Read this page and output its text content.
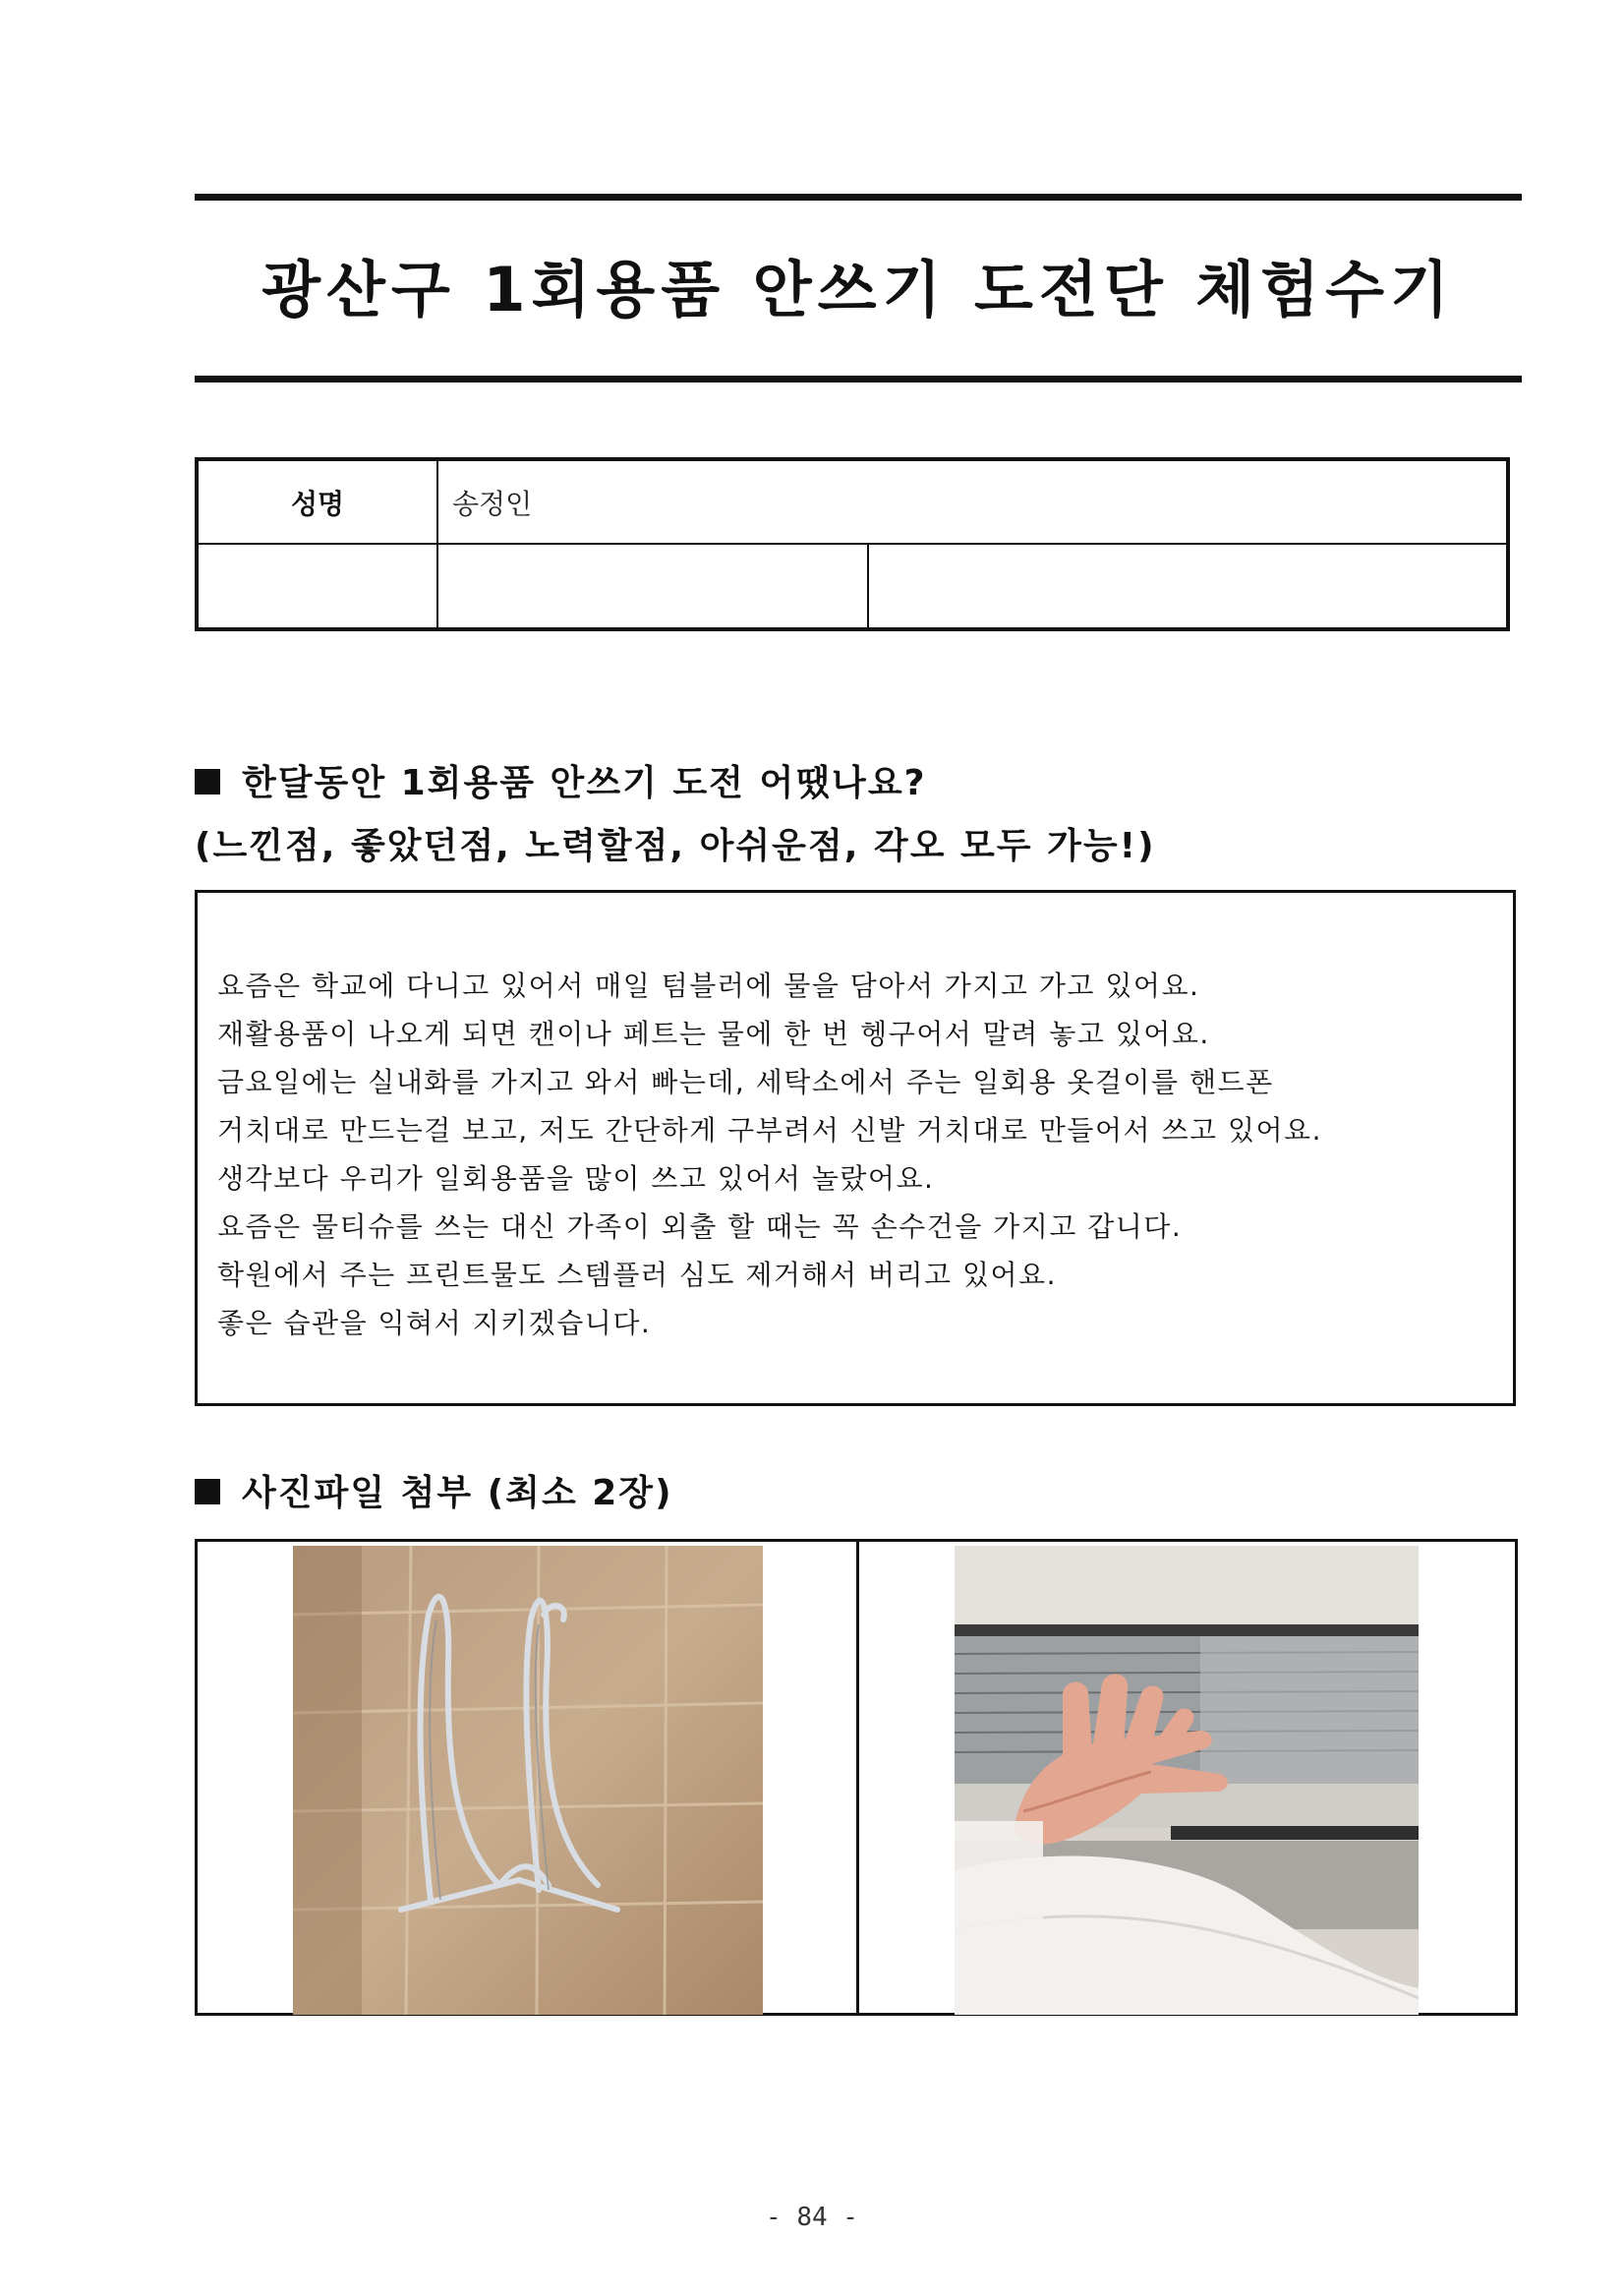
광산구 1회용품 안쓰기 도전단 체험수기
성명	송정인	

한달동안 1회용품 안쓰기 도전 어땠나요?
(느낀점, 좋았던점, 노력할점, 아쉬운점, 각오 모두 가능!)
요즘은 학교에 다니고 있어서 매일 텀블러에 물을 담아서 가지고 가고 있어요.
재활용품이 나오게 되면 캔이나 페트는 물에 한 번 헹구어서 말려 놓고 있어요.
금요일에는 실내화를 가지고 와서 빠는데, 세탁소에서 주는 일회용 옷걸이를 핸드폰
거치대로 만드는걸 보고, 저도 간단하게 구부려서 신발 거치대로 만들어서 쓰고 있어요.
생각보다 우리가 일회용품을 많이 쓰고 있어서 놀랐어요.
요즘은 물티슈를 쓰는 대신 가족이 외출 할 때는 꼭 손수건을 가지고 갑니다.
학원에서 주는 프린트물도 스템플러 심도 제거해서 버리고 있어요.
좋은 습관을 익혀서 지키겠습니다.
사진파일 첨부 (최소 2장)
- 84 -
